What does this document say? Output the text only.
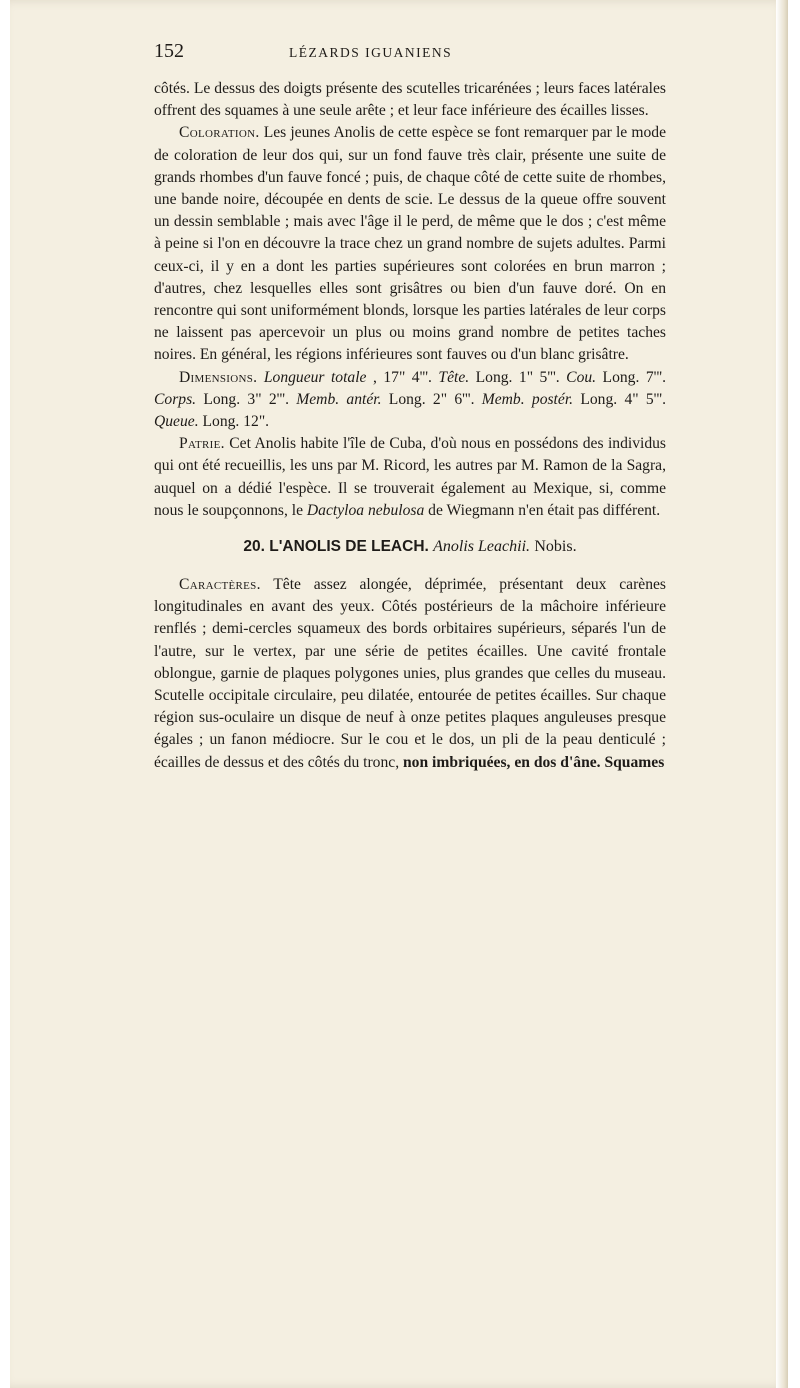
152	LÉZARDS IGUANIENS

côtés. Le dessus des doigts présente des scutelles tricarénées ; leurs faces latérales offrent des squames à une seule arête ; et leur face inférieure des écailles lisses.

Coloration. Les jeunes Anolis de cette espèce se font remarquer par le mode de coloration de leur dos qui, sur un fond fauve très clair, présente une suite de grands rhombes d'un fauve foncé ; puis, de chaque côté de cette suite de rhombes, une bande noire, découpée en dents de scie. Le dessus de la queue offre souvent un dessin semblable ; mais avec l'âge il le perd, de même que le dos ; c'est même à peine si l'on en découvre la trace chez un grand nombre de sujets adultes. Parmi ceux-ci, il y en a dont les parties supérieures sont colorées en brun marron ; d'autres, chez lesquelles elles sont grisâtres ou bien d'un fauve doré. On en rencontre qui sont uniformément blonds, lorsque les parties latérales de leur corps ne laissent pas apercevoir un plus ou moins grand nombre de petites taches noires. En général, les régions inférieures sont fauves ou d'un blanc grisâtre.

Dimensions. Longueur totale , 17" 4'''. Tête. Long. 1" 5'''. Cou. Long. 7'''. Corps. Long. 3" 2'''. Memb. antér. Long. 2" 6'''. Memb. postér. Long. 4" 5'''. Queue. Long. 12".

Patrie. Cet Anolis habite l'île de Cuba, d'où nous en possédons des individus qui ont été recueillis, les uns par M. Ricord, les autres par M. Ramon de la Sagra, auquel on a dédié l'espèce. Il se trouverait également au Mexique, si, comme nous le soupçonnons, le Dactyloa nebulosa de Wiegmann n'en était pas différent.

20. L'ANOLIS DE LEACH. Anolis Leachii. Nobis.

Caractères. Tête assez alongée, déprimée, présentant deux carènes longitudinales en avant des yeux. Côtés postérieurs de la mâchoire inférieure renflés ; demi-cercles squameux des bords orbitaires supérieurs, séparés l'un de l'autre, sur le vertex, par une série de petites écailles. Une cavité frontale oblongue, garnie de plaques polygones unies, plus grandes que celles du museau. Scutelle occipitale circulaire, peu dilatée, entourée de petites écailles. Sur chaque région sus-oculaire un disque de neuf à onze petites plaques anguleuses presque égales ; un fanon médiocre. Sur le cou et le dos, un pli de la peau denticulé ; écailles de dessus et des côtés du tronc, non imbriquées, en dos d'âne. Squames
